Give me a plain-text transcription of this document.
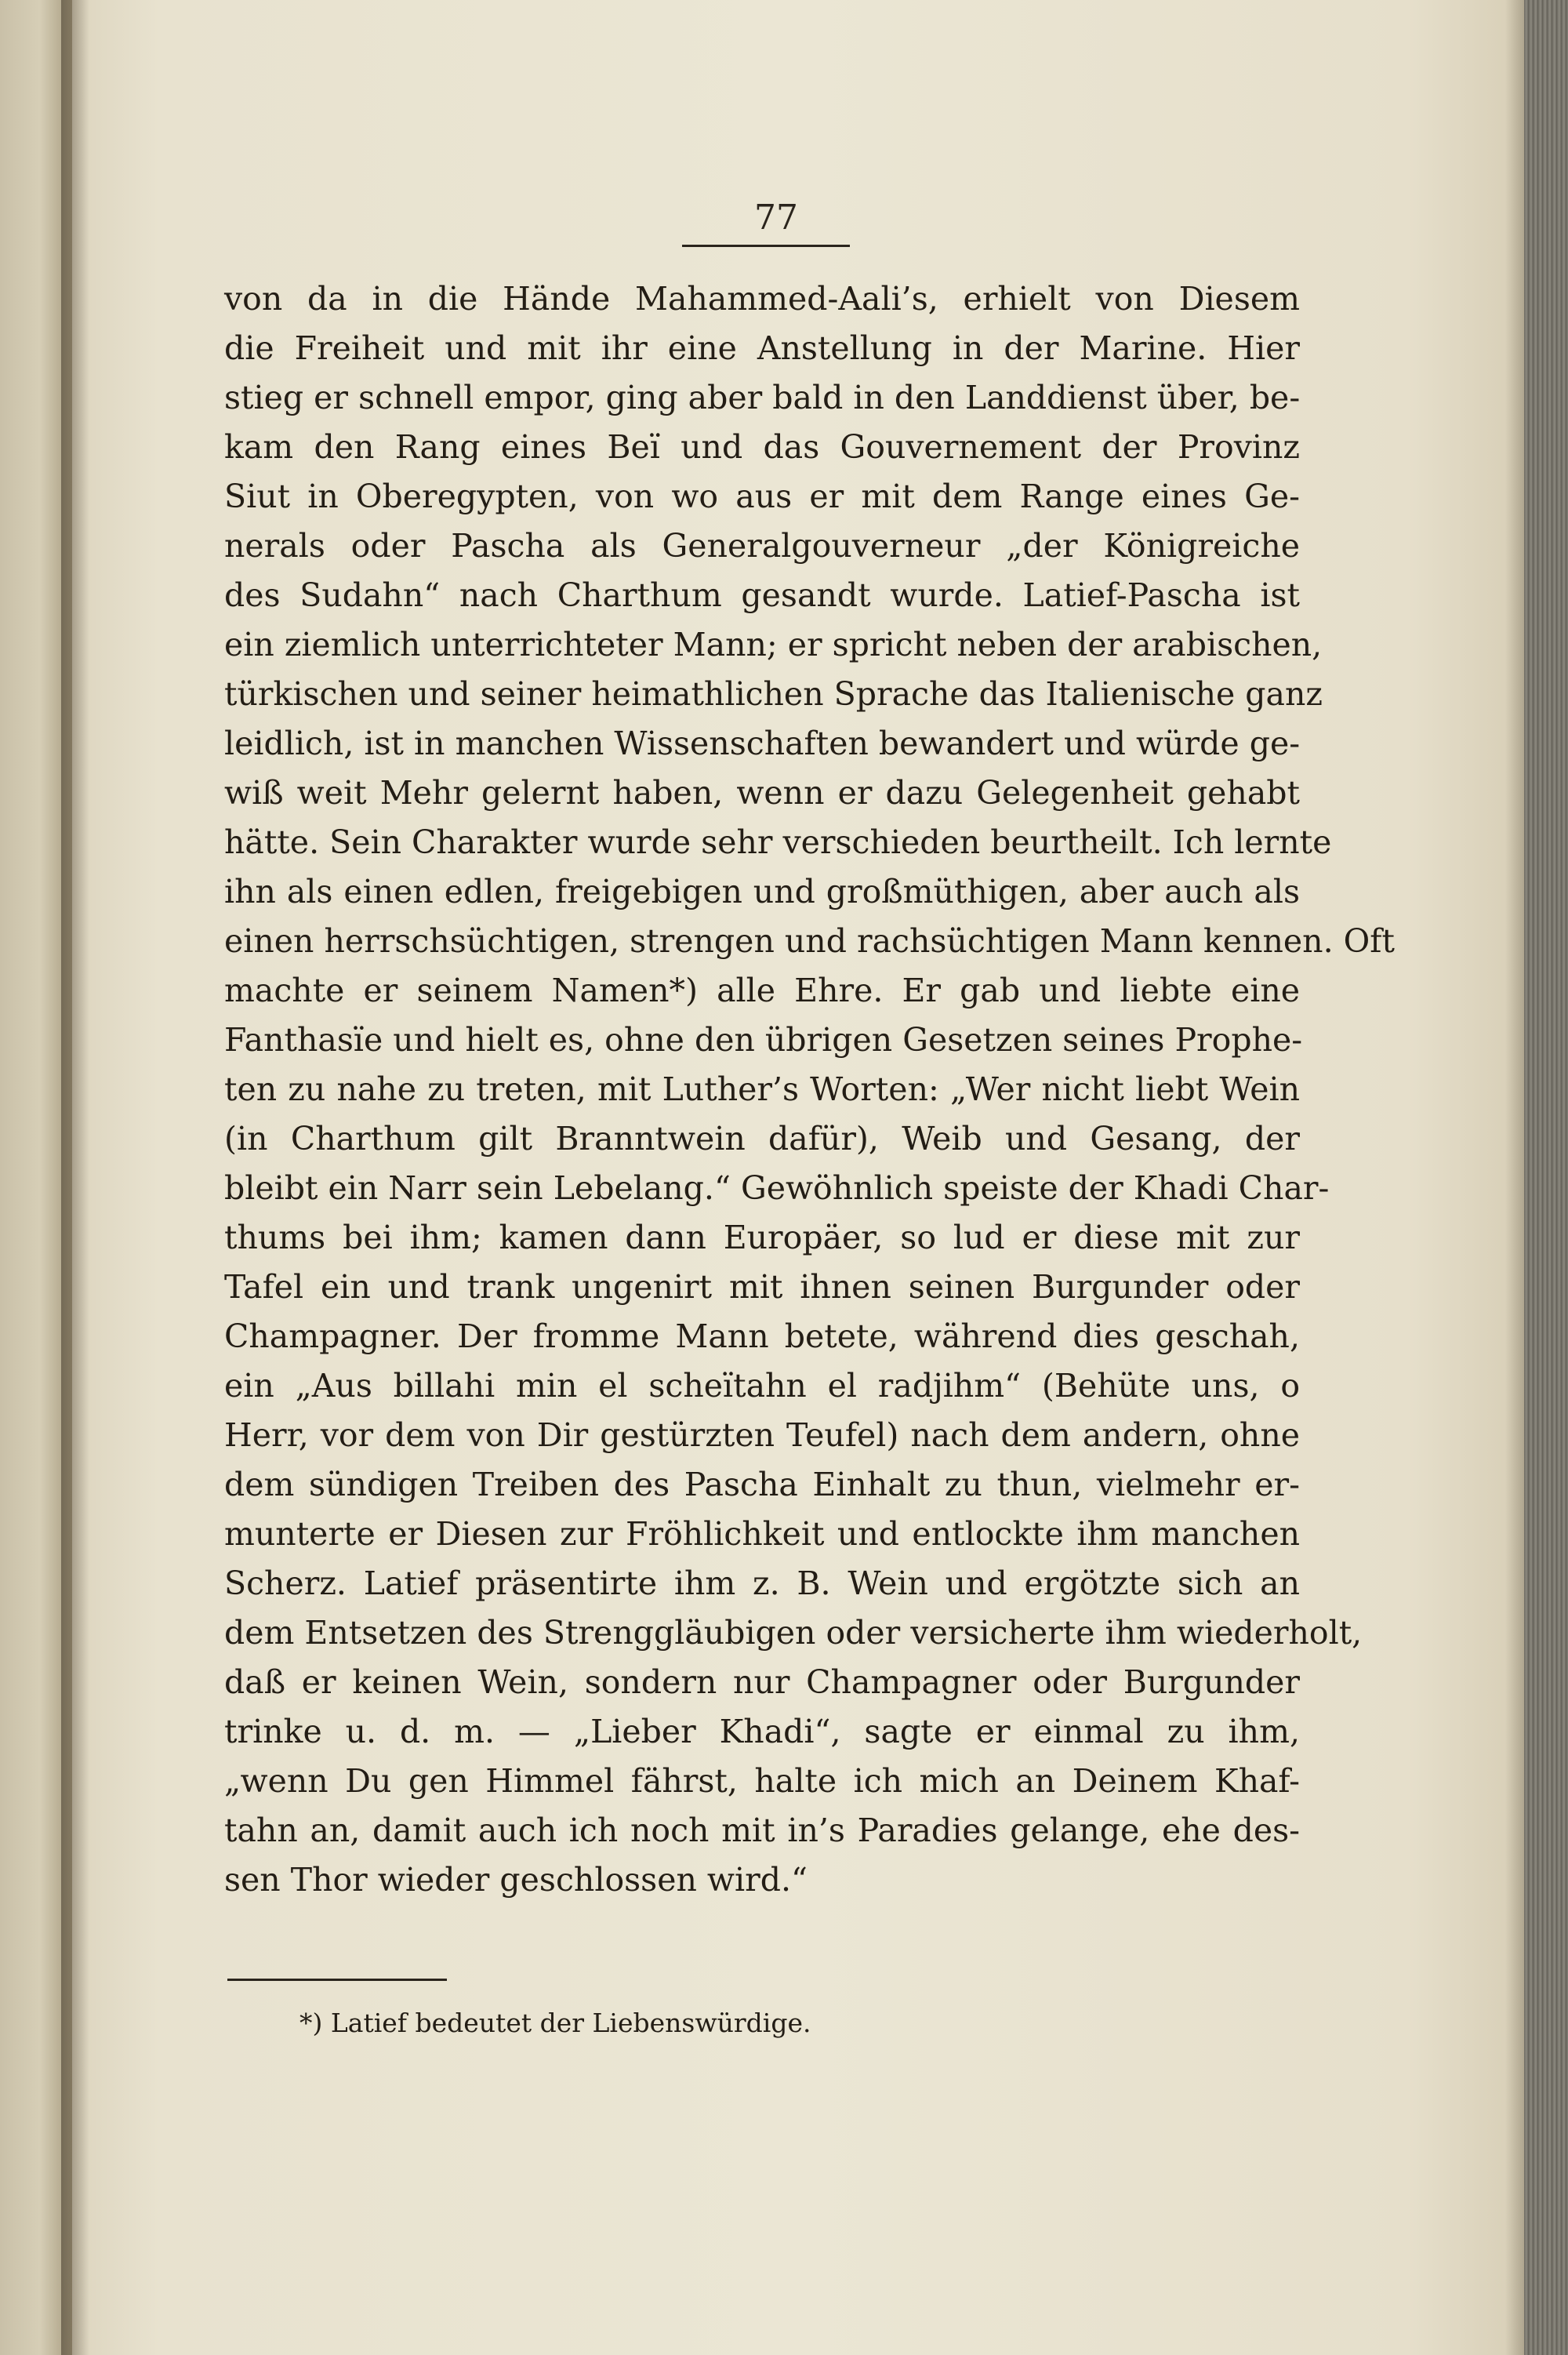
77
von da in die Hände Mahammed-Aali’s, erhielt von Diesem
die Freiheit und mit ihr eine Anstellung in der Marine. Hier
stieg er schnell empor, ging aber bald in den Landdienst über, be-
kam den Rang eines Beï und das Gouvernement der Provinz
Siut in Oberegypten, von wo aus er mit dem Range eines Ge-
nerals oder Pascha als Generalgouverneur „der Königreiche
des Sudahn“ nach Charthum gesandt wurde. Latief-Pascha ist
ein ziemlich unterrichteter Mann; er spricht neben der arabischen,
türkischen und seiner heimathlichen Sprache das Italienische ganz
leidlich, ist in manchen Wissenschaften bewandert und würde ge-
wiß weit Mehr gelernt haben, wenn er dazu Gelegenheit gehabt
hätte. Sein Charakter wurde sehr verschieden beurtheilt. Ich lernte
ihn als einen edlen, freigebigen und großmüthigen, aber auch als
einen herrschsüchtigen, strengen und rachsüchtigen Mann kennen. Oft
machte er seinem Namen*) alle Ehre. Er gab und liebte eine
Fanthasïe und hielt es, ohne den übrigen Gesetzen seines Prophe-
ten zu nahe zu treten, mit Luther’s Worten: „Wer nicht liebt Wein
(in Charthum gilt Branntwein dafür), Weib und Gesang, der
bleibt ein Narr sein Lebelang.“ Gewöhnlich speiste der Khadi Char-
thums bei ihm; kamen dann Europäer, so lud er diese mit zur
Tafel ein und trank ungenirt mit ihnen seinen Burgunder oder
Champagner. Der fromme Mann betete, während dies geschah,
ein „Aus billahi min el scheïtahn el radjihm“ (Behüte uns, o
Herr, vor dem von Dir gestürzten Teufel) nach dem andern, ohne
dem sündigen Treiben des Pascha Einhalt zu thun, vielmehr er-
munterte er Diesen zur Fröhlichkeit und entlockte ihm manchen
Scherz. Latief präsentirte ihm z. B. Wein und ergötzte sich an
dem Entsetzen des Strenggläubigen oder versicherte ihm wiederholt,
daß er keinen Wein, sondern nur Champagner oder Burgunder
trinke u. d. m. — „Lieber Khadi“, sagte er einmal zu ihm,
„wenn Du gen Himmel fährst, halte ich mich an Deinem Khaf-
tahn an, damit auch ich noch mit in’s Paradies gelange, ehe des-
sen Thor wieder geschlossen wird.“
*) Latief bedeutet der Liebenswürdige.
